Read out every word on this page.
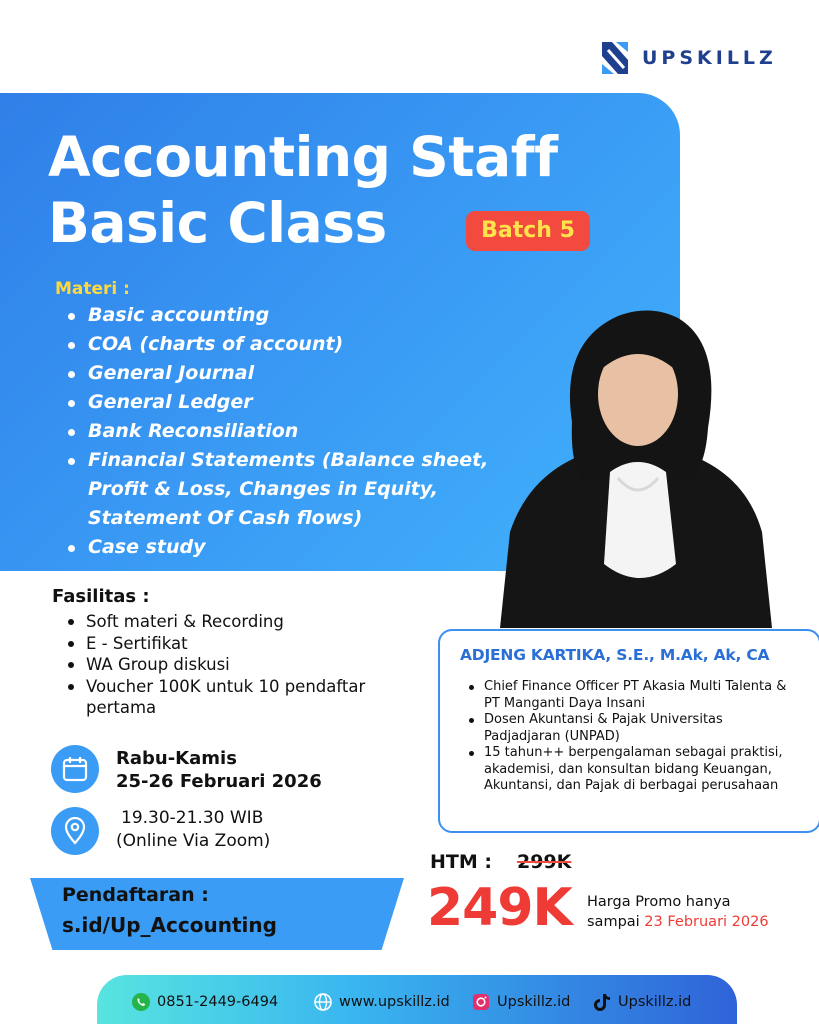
UPSKILLZ
Accounting Staff
Basic Class	Batch 5
Materi :
Basic accounting
COA (charts of account)
General Journal
General Ledger
Bank Reconsiliation
Financial Statements (Balance sheet, Profit & Loss, Changes in Equity, Statement Of Cash flows)
Case study
Fasilitas :
Soft materi & Recording
E - Sertifikat
WA Group diskusi
Voucher 100K untuk 10 pendaftar pertama
ADJENG KARTIKA, S.E., M.Ak, Ak, CA
Chief Finance Officer PT Akasia Multi Talenta & PT Manganti Daya Insani
Dosen Akuntansi & Pajak Universitas Padjadjaran (UNPAD)
15 tahun++ berpengalaman sebagai praktisi, akademisi, dan konsultan bidang Keuangan, Akuntansi, dan Pajak di berbagai perusahaan
Rabu-Kamis
25-26 Februari 2026
19.30-21.30 WIB
(Online Via Zoom)
Pendaftaran :
s.id/Up_Accounting
HTM : 299K
249K Harga Promo hanya
sampai 23 Februari 2026
0851-2449-6494	www.upskillz.id	Upskillz.id	Upskillz.id
